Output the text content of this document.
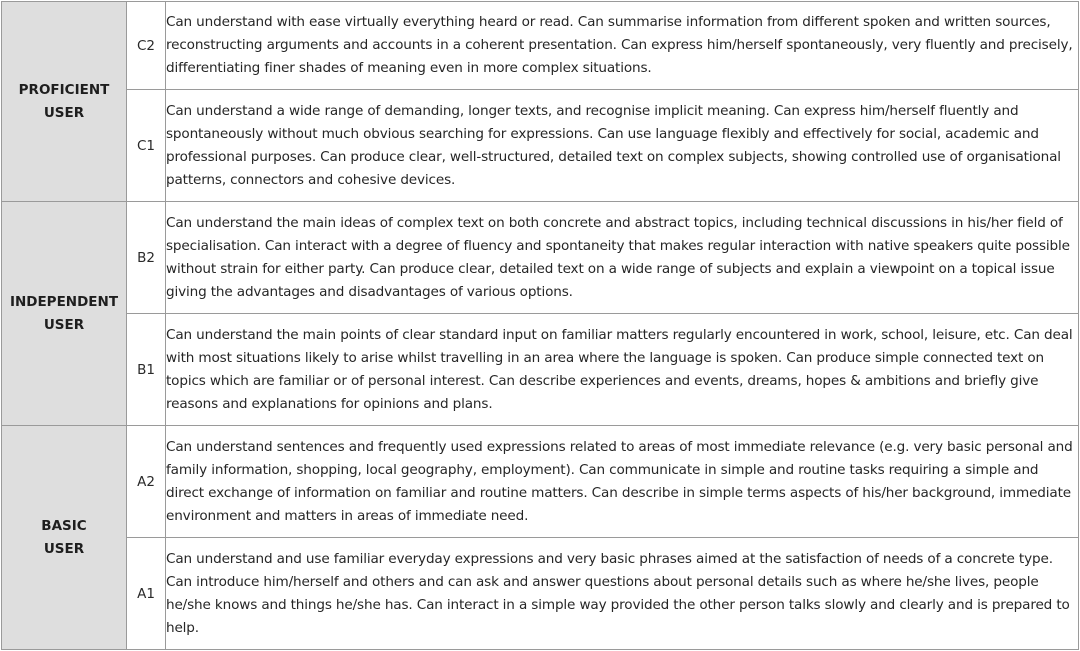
PROFICIENT
USER	C2	Can understand with ease virtually everything heard or read. Can summarise information from different spoken and written sources, reconstructing arguments and accounts in a coherent presentation. Can express him/herself spontaneously, very fluently and precisely, differentiating finer shades of meaning even in more complex situations.
	C1	Can understand a wide range of demanding, longer texts, and recognise implicit meaning. Can express him/herself fluently and spontaneously without much obvious searching for expressions. Can use language flexibly and effectively for social, academic and professional purposes. Can produce clear, well-structured, detailed text on complex subjects, showing controlled use of organisational patterns, connectors and cohesive devices.

INDEPENDENT
USER	B2	Can understand the main ideas of complex text on both concrete and abstract topics, including technical discussions in his/her field of specialisation. Can interact with a degree of fluency and spontaneity that makes regular interaction with native speakers quite possible without strain for either party. Can produce clear, detailed text on a wide range of subjects and explain a viewpoint on a topical issue giving the advantages and disadvantages of various options.
	B1	Can understand the main points of clear standard input on familiar matters regularly encountered in work, school, leisure, etc. Can deal with most situations likely to arise whilst travelling in an area where the language is spoken. Can produce simple connected text on topics which are familiar or of personal interest. Can describe experiences and events, dreams, hopes & ambitions and briefly give reasons and explanations for opinions and plans.

BASIC
USER	A2	Can understand sentences and frequently used expressions related to areas of most immediate relevance (e.g. very basic personal and family information, shopping, local geography, employment). Can communicate in simple and routine tasks requiring a simple and direct exchange of information on familiar and routine matters. Can describe in simple terms aspects of his/her background, immediate environment and matters in areas of immediate need.
	A1	Can understand and use familiar everyday expressions and very basic phrases aimed at the satisfaction of needs of a concrete type. Can introduce him/herself and others and can ask and answer questions about personal details such as where he/she lives, people he/she knows and things he/she has. Can interact in a simple way provided the other person talks slowly and clearly and is prepared to help.
